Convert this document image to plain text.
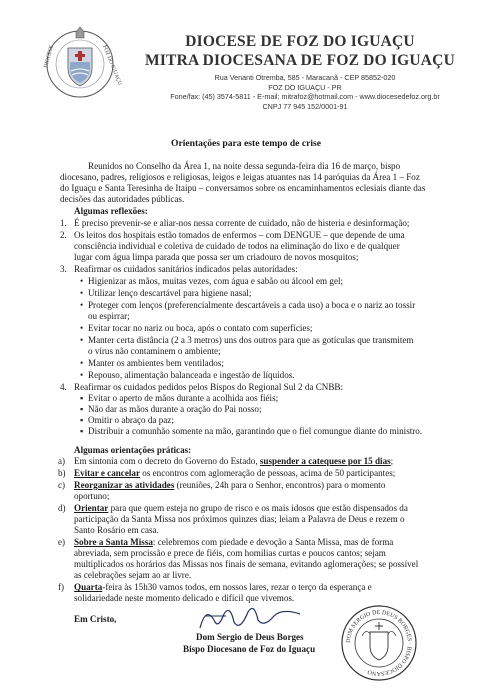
DIOCESE	FOZ DO IGUAÇU
DIOCESE DE FOZ DO IGUAÇU
MITRA DIOCESANA DE FOZ DO IGUAÇU
Rua Venanti Otremba, 585 - Maracanã - CEP 85852-020
FOZ DO IGUAÇU - PR
Fone/fax: (45) 3574-5811 - E-mail: mitrafoz@hotmail.com - www.diocesedefoz.org.br
CNPJ 77 945 152/0001-91
Orientações para este tempo de crise
Reunidos no Conselho da Área 1, na noite dessa segunda-feira dia 16 de março, bispo
diocesano, padres, religiosos e religiosas, leigos e leigas atuantes nas 14 paróquias da Área 1 – Foz
do Iguaçu e Santa Teresinha de Itaipu – conversamos sobre os encaminhamentos eclesiais diante das
decisões das autoridades públicas.
Algumas reflexões:
1. É preciso prevenir-se e aliar-nos nessa corrente de cuidado, não de histeria e desinformação;
2. Os leitos dos hospitais estão tomados de enfermos – com DENGUE – que depende de uma
consciência individual e coletiva de cuidado de todos na eliminação do lixo e de qualquer
lugar com água limpa parada que possa ser um criadouro de novos mosquitos;
3. Reafirmar os cuidados sanitários indicados pelas autoridades:
• Higienizar as mãos, muitas vezes, com água e sabão ou álcool em gel;
• Utilizar lenço descartável para higiene nasal;
• Proteger com lenços (preferencialmente descartáveis a cada uso) a boca e o nariz ao tossir
ou espirrar;
• Evitar tocar no nariz ou boca, após o contato com superfícies;
• Manter certa distância (2 a 3 metros) uns dos outros para que as gotículas que transmitem
o vírus não contaminem o ambiente;
• Manter os ambientes bem ventilados;
• Repouso, alimentação balanceada e ingestão de líquidos.
4. Reafirmar os cuidados pedidos pelos Bispos do Regional Sul 2 da CNBB:
▪ Evitar o aperto de mãos durante a acolhida aos fiéis;
▪ Não dar as mãos durante a oração do Pai nosso;
▪ Omitir o abraço da paz;
▪ Distribuir a comunhão somente na mão, garantindo que o fiel comungue diante do ministro.
Algumas orientações práticas:
a) Em sintonia com o decreto do Governo do Estado, suspender a catequese por 15 dias;
b) Evitar e cancelar os encontros com aglomeração de pessoas, acima de 50 participantes;
c) Reorganizar as atividades (reuniões, 24h para o Senhor, encontros) para o momento
oportuno;
d) Orientar para que quem esteja no grupo de risco e os mais idosos que estão dispensados da
participação da Santa Missa nos próximos quinzes dias; leiam a Palavra de Deus e rezem o
Santo Rosário em casa.
e) Sobre a Santa Missa: celebremos com piedade e devoção a Santa Missa, mas de forma
abreviada, sem procissão e prece de fiéis, com homilias curtas e poucos cantos; sejam
multiplicados os horários das Missas nos finais de semana, evitando aglomerações; se possível
as celebrações sejam ao ar livre.
f) Quarta-feira às 15h30 vamos todos, em nossos lares, rezar o terço da esperança e
solidariedade neste momento delicado e difícil que vivemos.
Em Cristo,
Dom Sergio de Deus Borges
Bispo Diocesano de Foz do Iguaçu
DOM SERGIO DE DEUS BORGES · BISPO DIOCESANO ·
